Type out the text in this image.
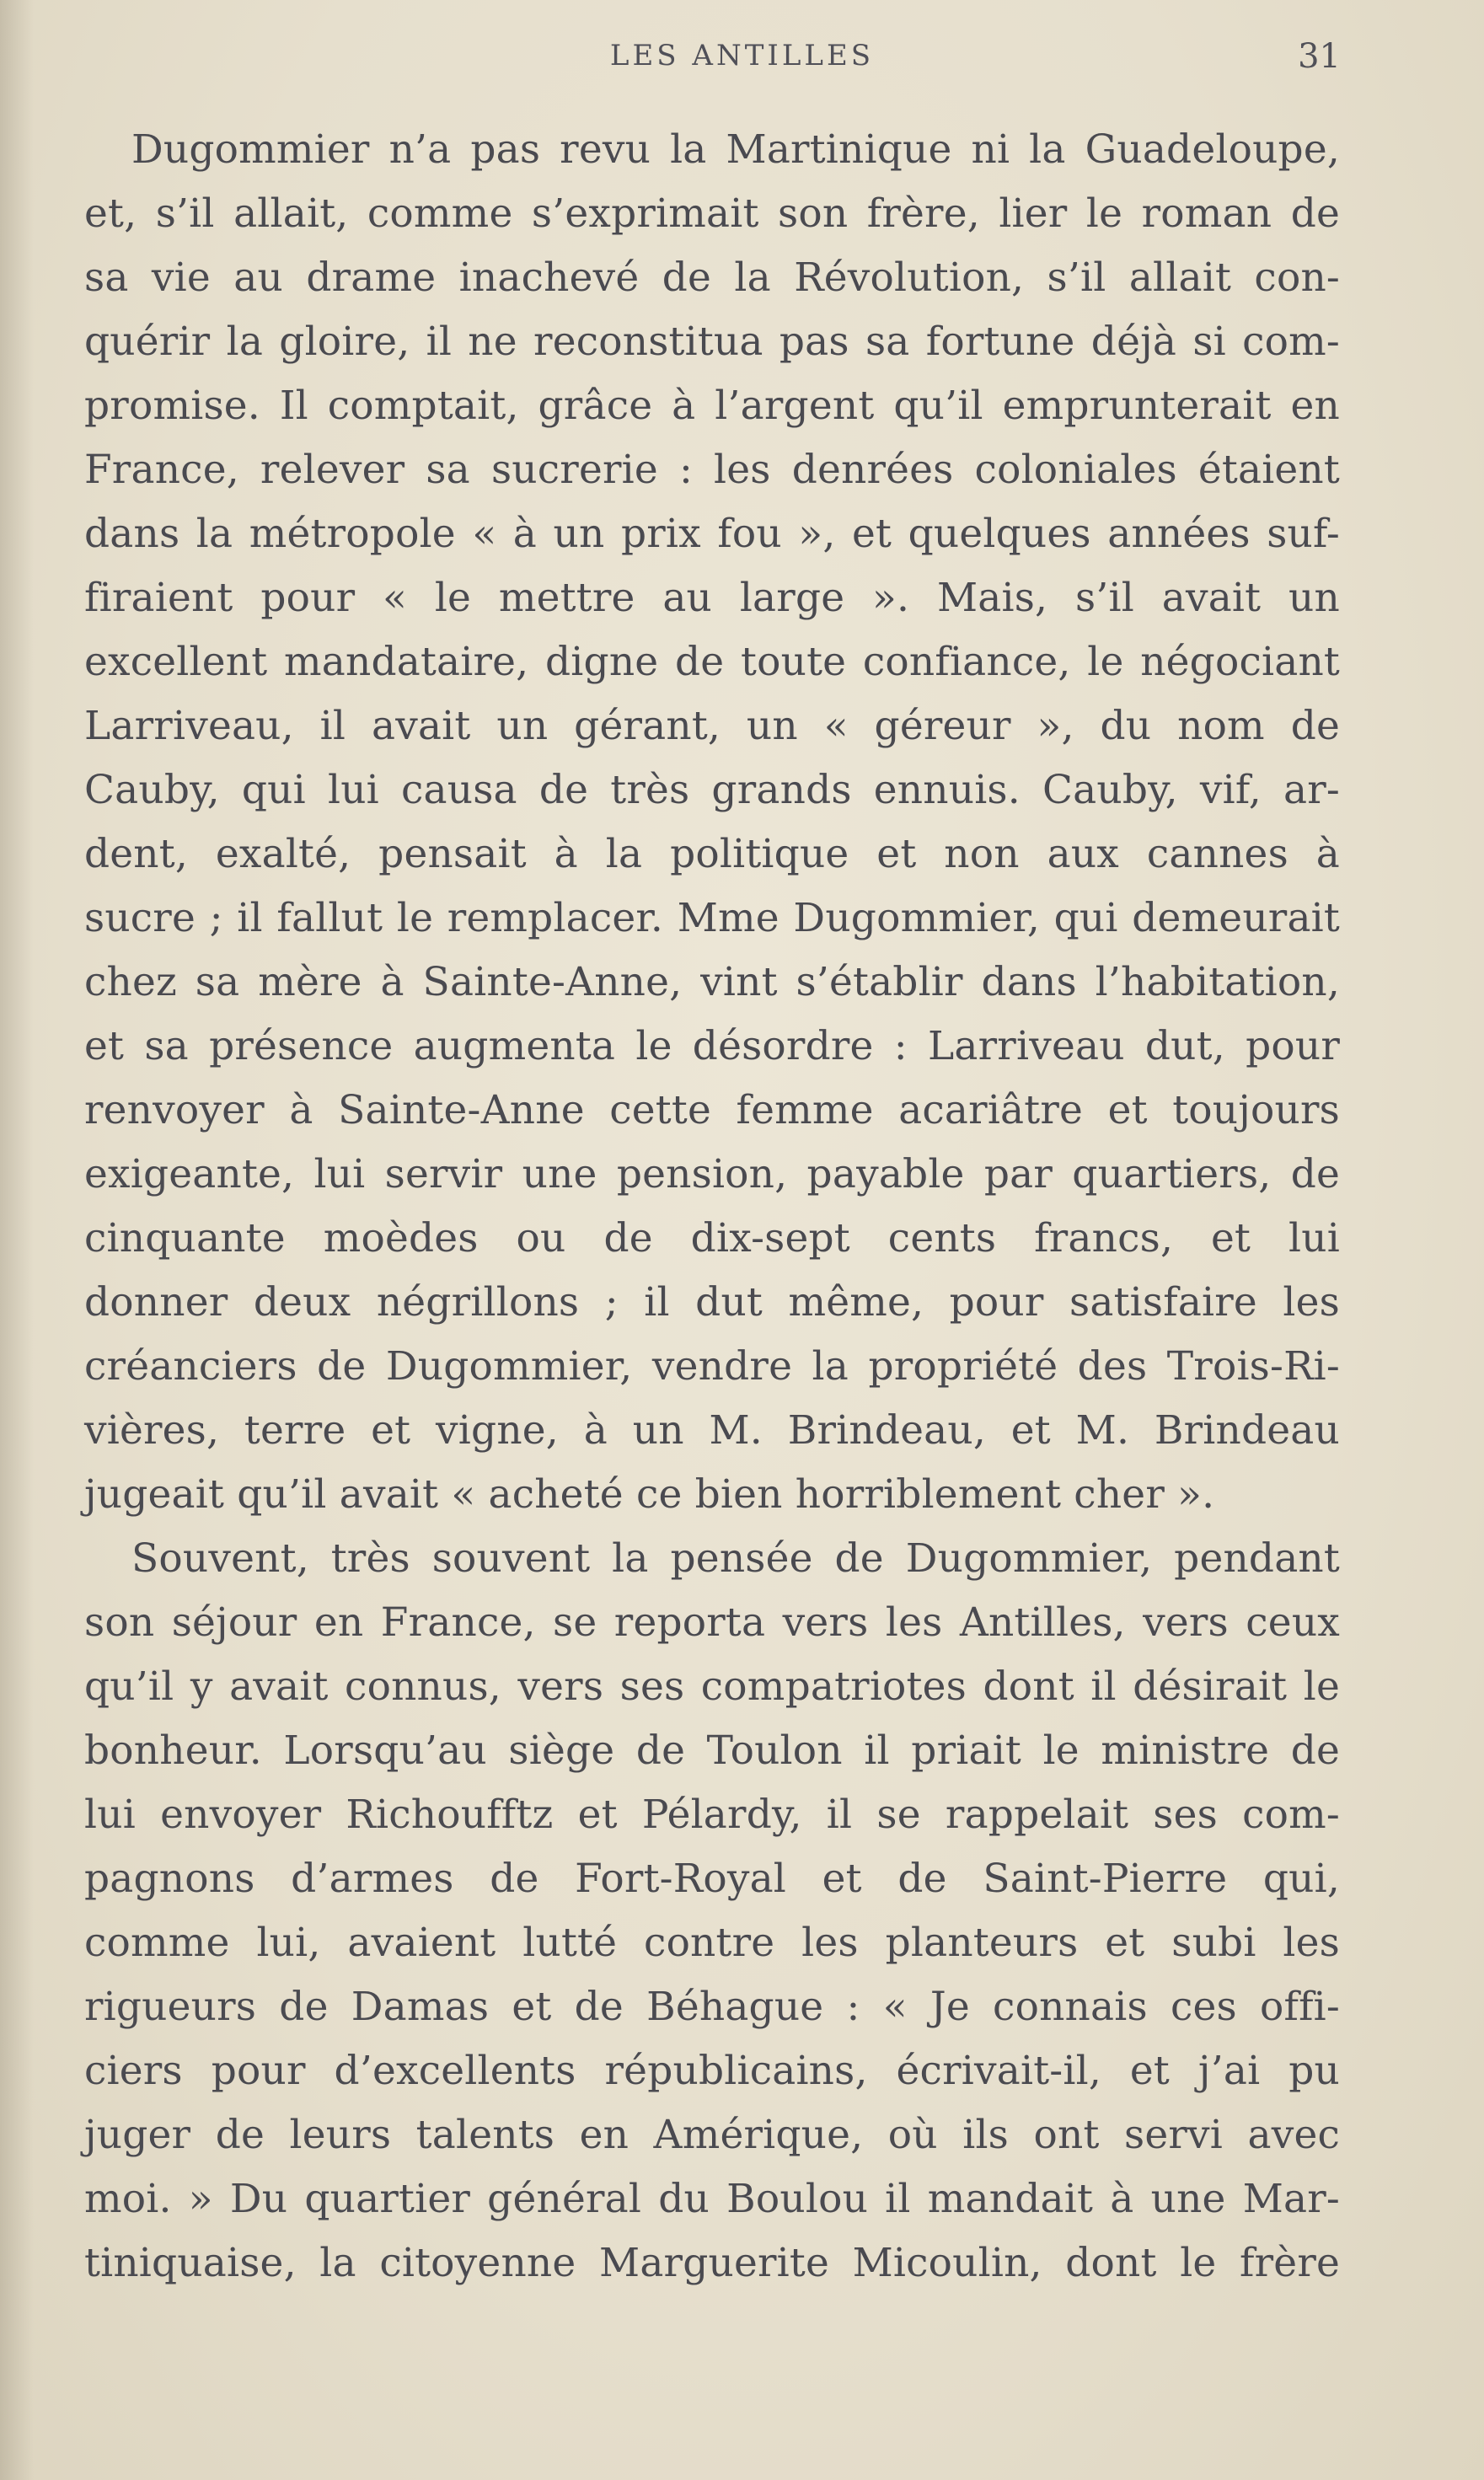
LES ANTILLES	31
Dugommier n’a pas revu la Martinique ni la Guadeloupe,
et, s’il allait, comme s’exprimait son frère, lier le roman de
sa vie au drame inachevé de la Révolution, s’il allait con-
quérir la gloire, il ne reconstitua pas sa fortune déjà si com-
promise. Il comptait, grâce à l’argent qu’il emprunterait en
France, relever sa sucrerie : les denrées coloniales étaient
dans la métropole « à un prix fou », et quelques années suf-
firaient pour « le mettre au large ». Mais, s’il avait un
excellent mandataire, digne de toute confiance, le négociant
Larriveau, il avait un gérant, un « géreur », du nom de
Cauby, qui lui causa de très grands ennuis. Cauby, vif, ar-
dent, exalté, pensait à la politique et non aux cannes à
sucre ; il fallut le remplacer. Mme Dugommier, qui demeurait
chez sa mère à Sainte-Anne, vint s’établir dans l’habitation,
et sa présence augmenta le désordre : Larriveau dut, pour
renvoyer à Sainte-Anne cette femme acariâtre et toujours
exigeante, lui servir une pension, payable par quartiers, de
cinquante moèdes ou de dix-sept cents francs, et lui
donner deux négrillons ; il dut même, pour satisfaire les
créanciers de Dugommier, vendre la propriété des Trois-Ri-
vières, terre et vigne, à un M. Brindeau, et M. Brindeau
jugeait qu’il avait « acheté ce bien horriblement cher ».
Souvent, très souvent la pensée de Dugommier, pendant
son séjour en France, se reporta vers les Antilles, vers ceux
qu’il y avait connus, vers ses compatriotes dont il désirait le
bonheur. Lorsqu’au siège de Toulon il priait le ministre de
lui envoyer Richoufftz et Pélardy, il se rappelait ses com-
pagnons d’armes de Fort-Royal et de Saint-Pierre qui,
comme lui, avaient lutté contre les planteurs et subi les
rigueurs de Damas et de Béhague : « Je connais ces offi-
ciers pour d’excellents républicains, écrivait-il, et j’ai pu
juger de leurs talents en Amérique, où ils ont servi avec
moi. » Du quartier général du Boulou il mandait à une Mar-
tiniquaise, la citoyenne Marguerite Micoulin, dont le frère
